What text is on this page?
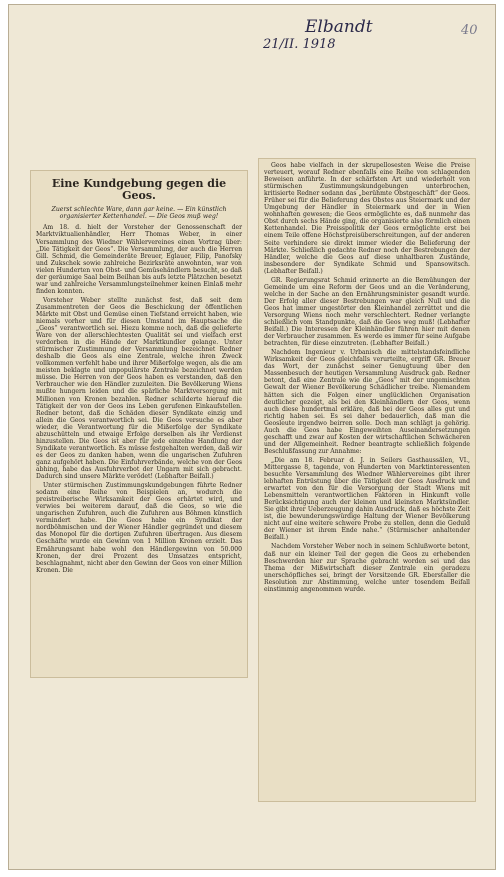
Elbandt
21/II. 1918
40
Eine Kundgebung gegen die Geos.
Zuerst schlechte Ware, dann gar keine. — Ein künstlich organisierter Kettenhandel. — Die Geos muß weg!

Am 18. d. hielt der Vorsteher der Genossenschaft der Marktviktualienhändler, Herr Thomas Weber, in einer Versammlung des Wiedner Wählervereines einen Vortrag über: „Die Tätigkeit der Geos“. Die Versammlung, der auch die Herren Gill. Schmid, die Gemeinderäte Breuer, Eglauer, Filip, Panofsky und Zukschek sowie zahlreiche Bezirksräte anwohnten, war von vielen Hunderten von Obst- und Gemüsehändlern besucht, so daß der geräumige Saal beim Beilhan bis aufs letzte Plätzchen besetzt war und zahlreiche Versammlungsteilnehmer keinen Einlaß mehr finden konnten.

Vorsteher Weber stellte zunächst fest, daß seit dem Zusammentreten der Geos die Beschickung der öffentlichen Märkte mit Obst und Gemüse einen Tiefstand erreicht haben, wie niemals vorher und für diesen Umstand im Hauptsache die „Geos“ verantwortlich sei. Hiezu komme noch, daß die gelieferte Ware von der allerschlechtesten Qualität sei und vielfach erst verdorben in die Hände der Marktkundler gelange. Unter stürmischer Zustimmung der Versammlung bezeichnet Redner deshalb die Geos als eine Zentrale, welche ihren Zweck vollkommen verfehlt habe und ihrer Mißerfolge wegen, als die am meisten beklagte und unpopulärste Zentrale bezeichnet werden müsse. Die Herren von der Geos haben es verstanden, daß den Verbraucher wie den Händler zuzuleiten. Die Bevölkerung Wiens mußte hungern leiden und die spärliche Marktversorgung mit Millionen von Kronen bezahlen. Redner schilderte hierauf die Tätigkeit der von der Geos ins Leben gerufenen Einkaufstellen. Redner betont, daß die Schäden dieser Syndikate einzig und allein die Geos verantwortlich sei. Die Geos versuche es aber wieder, die Verantwortung für die Mißerfolge der Syndikate abzuschütteln und etwaige Erfolge derselben als ihr Verdienst hinzustellen. Die Geos ist aber für jede einzelne Handlung der Syndikate verantwortlich. Es müsse festgehalten werden, daß wir es der Geos zu danken haben, wenn die ungarischen Zufuhren ganz aufgehört haben. Die Einfuhrverbände, welche von der Geos abhing, habe das Ausfuhrverbot der Ungarn mit sich gebracht. Dadurch sind unsere Märkte verödet! (Lebhafter Beifall.)

Unter stürmischen Zustimmungskundgebungen führte Redner sodann eine Reihe von Beispielen an, wodurch die preistreiberische Wirksamkeit der Geos erhärtet wird, und verwies bei weiterem darauf, daß die Geos, so wie die ungarischen Zufuhren, auch die Zufuhren aus Böhmen künstlich vermindert habe. Die Geos habe ein Syndikat der nordböhmischen und der Wiener Händler gegründet und diesem das Monopol für die dortigen Zufuhren übertragen. Aus diesem Geschäfte wurde ein Gewinn von 1 Million Kronen erzielt. Das Ernährungsamt habe wohl den Händlergewinn von 50.000 Kronen, der drei Prozent des Umsatzes entspricht, beschlagnahmt, nicht aber den Gewinn der Geos von einer Million Kronen. Die

Geos habe vielfach in der skrupellosesten Weise die Preise verteuert, worauf Redner ebenfalls eine Reihe von schlagenden Beweisen anführte. In der schärfsten Art und wiederholt von stürmischen Zustimmungskundgebungen unterbrochen, kritisierte Redner sodann das „berühmte Obstgeschäft“ der Geos. Früher sei für die Belieferung des Obstes aus Steiermark und der Umgebung der Händler in Steiermark und der in Wien wohnhaften gewesen; die Geos ermöglichte es, daß nunmehr das Obst durch sechs Hände ging, die organisierte also förmlich einen Kettenhandel. Die Preisspolitik der Geos ermöglichte erst bei einem Teile offene Höchstpreisüberschreitungen, auf der anderen Seite verhindere sie direkt immer wieder die Belieferung der Märkte. Schließlich gedachte Redner noch der Bestrebungen der Händler, welche die Geos auf diese unhaltbaren Zustände, insbesondere der Syndikate Schmid und Spansowitsch. (Lebhafter Beifall.)

GR. Regierungsrat Schmid erinnerte an die Bemühungen der Gemeinde um eine Reform der Geos und an die Veränderung, welche in der Sache an den Ernährungsminister gesandt wurde. Der Erfolg aller dieser Bestrebungen war gleich Null und die Geos hat immer ungestörter den Kleinhandel zerrüttet und die Versorgung Wiens noch mehr verschlechtert. Redner verlangte schließlich vom Standpunkte, daß die Geos weg muß! (Lebhafter Beifall.) Die Interessen der Kleinhändler führen hier mit denen der Verbraucher zusammen. Es werde es immer für seine Aufgabe betrachten, für diese einzutreten. (Lebhafter Beifall.)

Nachdem Ingenieur v. Urbanisch die mittelstandsfeindliche Wirksamkeit der Geos gleichfalls verurteilte, ergriff GR. Breuer das Wort, der zunächst seiner Genugtuung über den Massenbesuch der heutigen Versammlung Ausdruck gab. Redner betont, daß eine Zentrale wie die „Geos“ mit der ungemischten Gewalt der Wiener Bevölkerung Schädlicher treibe. Niemandem hätten sich die Folgen einer unglücklichen Organisation deutlicher gezeigt, als bei den Kleinhändlern der Geos, wenn auch diese hundertmal erkläre, daß bei der Geos alles gut und richtig haben sei. Es sei daher bedauerlich, daß man die Geosleute irgendwo beirren solle. Doch man schlägt ja gehörig. Auch die Geos habe Eingeweihten Auseinandersetzungen geschafft und zwar auf Kosten der wirtschaftlichen Schwächeren und der Allgemeinheit. Redner beantragte schließlich folgende Beschlußfassung zur Annahme:

„Die am 18. Februar d. J. in Seilers Gasthaussälen, VI., Mittergasse 8, tagende, von Hunderten von Marktinteressenten besuchte Versammlung des Wiedner Wählervereines gibt ihrer lebhaften Entrüstung über die Tätigkeit der Geos Ausdruck und erwartet von den für die Versorgung der Stadt Wiens mit Lebensmitteln verantwortlichen Faktoren in Hinkunft volle Berücksichtigung auch der kleinen und kleinsten Marktsündler. Sie gibt ihrer Ueberzeugung dahin Ausdruck, daß es höchste Zeit ist, die bewunderungswürdige Haltung der Wiener Bevölkerung nicht auf eine weitere schwere Probe zu stellen, denn die Geduld der Wiener ist ihrem Ende nahe.“ (Stürmischer anhaltender Beifall.)

Nachdem Vorsteher Weber noch in seinem Schlußworte betont, daß nur ein kleiner Teil der gegen die Geos zu erhebenden Beschwerden hier zur Sprache gebracht worden sei und das Thema der Mißwirtschaft dieser Zentrale ein geradezu unerschöpfliches sei, bringt der Vorsitzende GR. Eberstaller die Resolution zur Abstimmung, welche unter tosendem Beifall einstimmig angenommen wurde.
